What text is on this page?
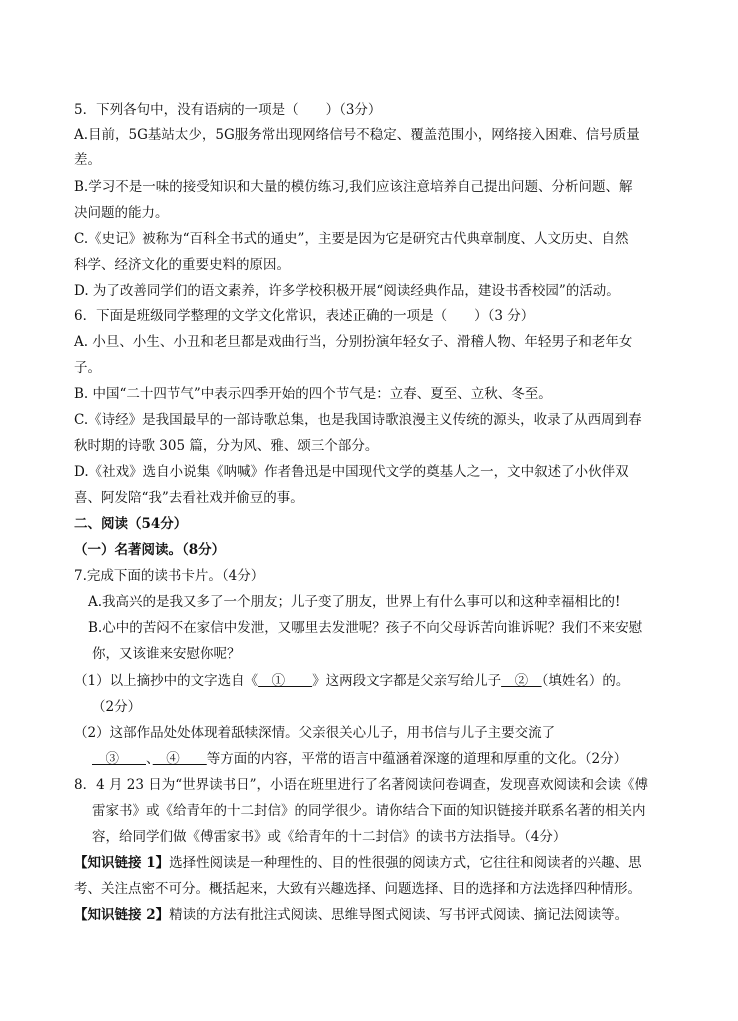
5．下列各句中，没有语病的一项是（　　）（3分）
A.目前，5G基站太少，5G服务常出现网络信号不稳定、覆盖范围小，网络接入困难、信号质量
差。
B.学习不是一味的接受知识和大量的模仿练习,我们应该注意培养自己提出问题、分析问题、解
决问题的能力。
C.《史记》被称为“百科全书式的通史”，主要是因为它是研究古代典章制度、人文历史、自然
科学、经济文化的重要史料的原因。
D. 为了改善同学们的语文素养，许多学校积极开展“阅读经典作品，建设书香校园”的活动。
6．下面是班级同学整理的文学文化常识，表述正确的一项是（　　）（3 分）
A. 小旦、小生、小丑和老旦都是戏曲行当，分别扮演年轻女子、滑稽人物、年轻男子和老年女
子。
B. 中国“二十四节气”中表示四季开始的四个节气是：立春、夏至、立秋、冬至。
C.《诗经》是我国最早的一部诗歌总集，也是我国诗歌浪漫主义传统的源头，收录了从西周到春
秋时期的诗歌 305 篇，分为风、雅、颂三个部分。
D.《社戏》选自小说集《呐喊》作者鲁迅是中国现代文学的奠基人之一，文中叙述了小伙伴双
喜、阿发陪“我”去看社戏并偷豆的事。
二、阅读（54分）
（一）名著阅读。（8分）
7.完成下面的读书卡片。（4分）
A.我高兴的是我又多了一个朋友；儿子变了朋友，世界上有什么事可以和这种幸福相比的!
B.心中的苦闷不在家信中发泄，又哪里去发泄呢？孩子不向父母诉苦向谁诉呢？我们不来安慰
你，又该谁来安慰你呢？
（1）以上摘抄中的文字选自《　①　　》这两段文字都是父亲写给儿子　②　（填姓名）的。
（2分）
（2）这部作品处处体现着舐犊深情。父亲很关心儿子，用书信与儿子主要交流了
　③　　、　④　　等方面的内容，平常的语言中蕴涵着深邃的道理和厚重的文化。（2分）
8．4 月 23 日为“世界读书日”，小语在班里进行了名著阅读问卷调查，发现喜欢阅读和会读《傅
雷家书》或《给青年的十二封信》的同学很少。请你结合下面的知识链接并联系名著的相关内
容，给同学们做《傅雷家书》或《给青年的十二封信》的读书方法指导。（4分）
【知识链接 1】选择性阅读是一种理性的、目的性很强的阅读方式，它往往和阅读者的兴趣、思
考、关注点密不可分。概括起来，大致有兴趣选择、问题选择、目的选择和方法选择四种情形。
【知识链接 2】精读的方法有批注式阅读、思维导图式阅读、写书评式阅读、摘记法阅读等。
